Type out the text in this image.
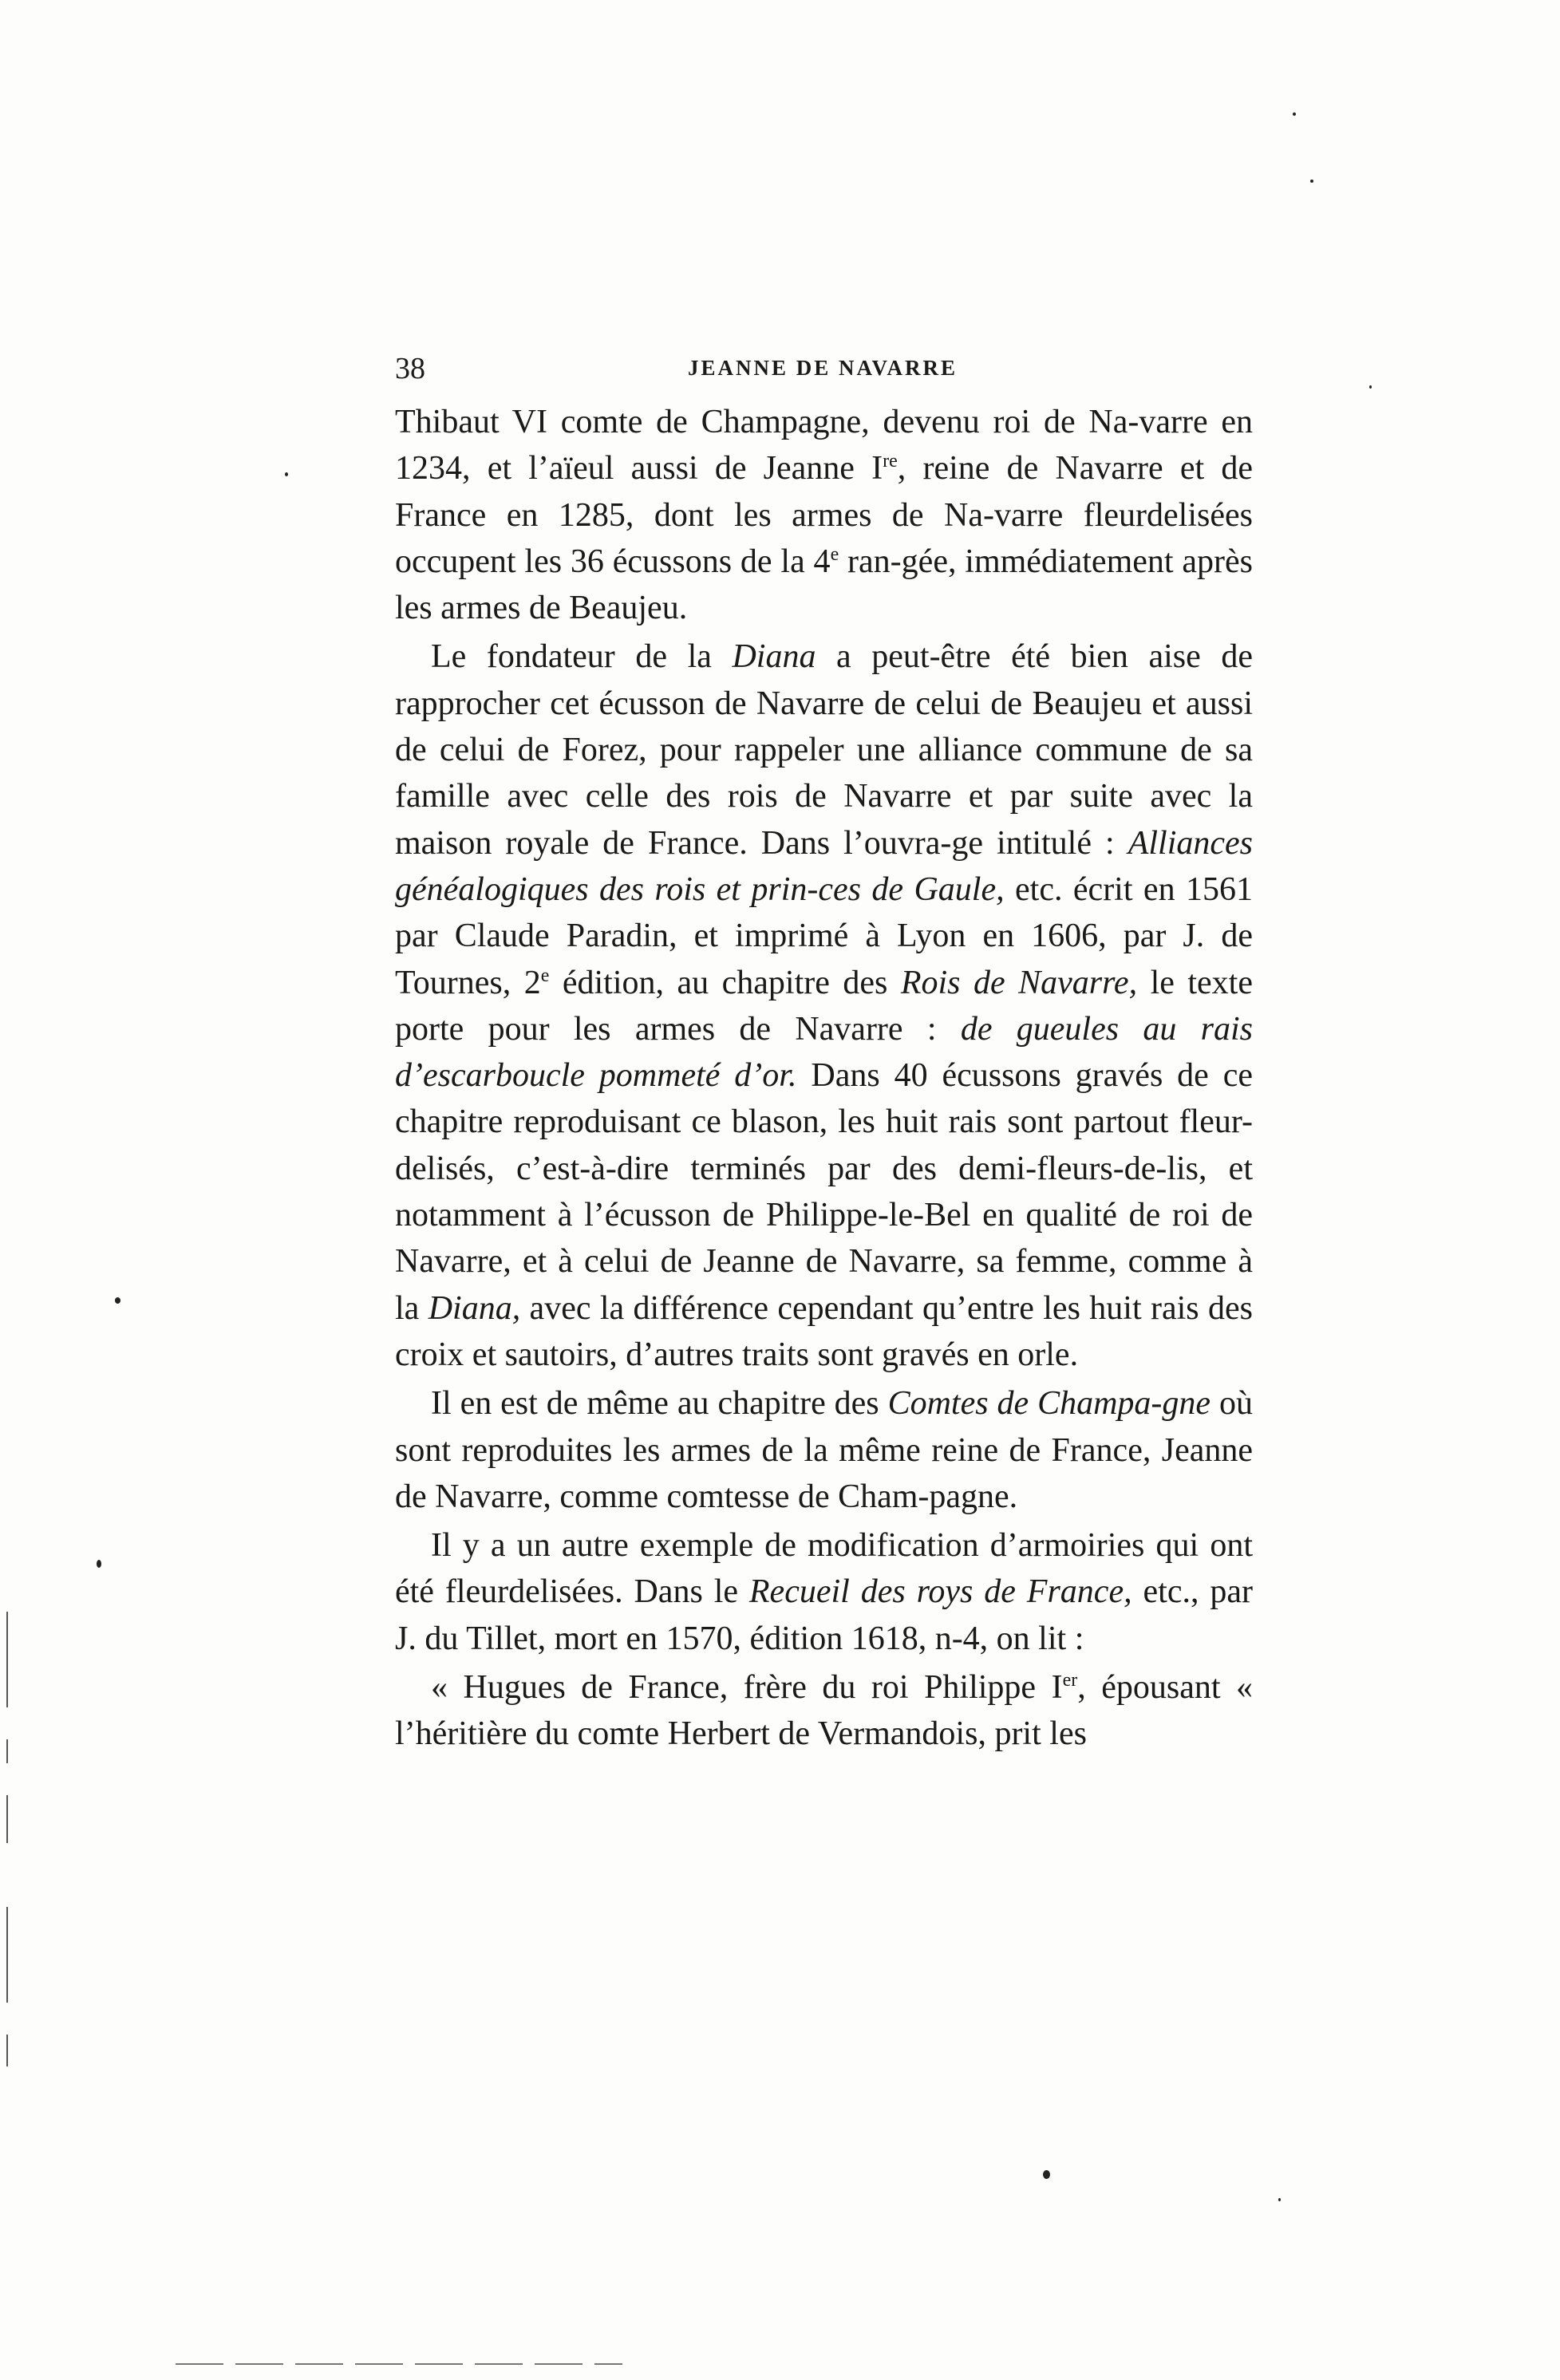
38	JEANNE DE NAVARRE

Thibaut VI comte de Champagne, devenu roi de Na-varre en 1234, et l’aïeul aussi de Jeanne Ire, reine de Navarre et de France en 1285, dont les armes de Na-varre fleurdelisées occupent les 36 écussons de la 4e ran-gée, immédiatement après les armes de Beaujeu.

Le fondateur de la Diana a peut-être été bien aise de rapprocher cet écusson de Navarre de celui de Beaujeu et aussi de celui de Forez, pour rappeler une alliance commune de sa famille avec celle des rois de Navarre et par suite avec la maison royale de France. Dans l’ouvra-ge intitulé : Alliances généalogiques des rois et prin-ces de Gaule, etc. écrit en 1561 par Claude Paradin, et imprimé à Lyon en 1606, par J. de Tournes, 2e édition, au chapitre des Rois de Navarre, le texte porte pour les armes de Navarre : de gueules au rais d’escarboucle pommeté d’or. Dans 40 écussons gravés de ce chapitre reproduisant ce blason, les huit rais sont partout fleur-delisés, c’est-à-dire terminés par des demi-fleurs-de-lis, et notamment à l’écusson de Philippe-le-Bel en qualité de roi de Navarre, et à celui de Jeanne de Navarre, sa femme, comme à la Diana, avec la différence cependant qu’entre les huit rais des croix et sautoirs, d’autres traits sont gravés en orle.

Il en est de même au chapitre des Comtes de Champa-gne où sont reproduites les armes de la même reine de France, Jeanne de Navarre, comme comtesse de Cham-pagne.

Il y a un autre exemple de modification d’armoiries qui ont été fleurdelisées. Dans le Recueil des roys de France, etc., par J. du Tillet, mort en 1570, édition 1618, n-4, on lit :

« Hugues de France, frère du roi Philippe Ier, épousant « l’héritière du comte Herbert de Vermandois, prit les
